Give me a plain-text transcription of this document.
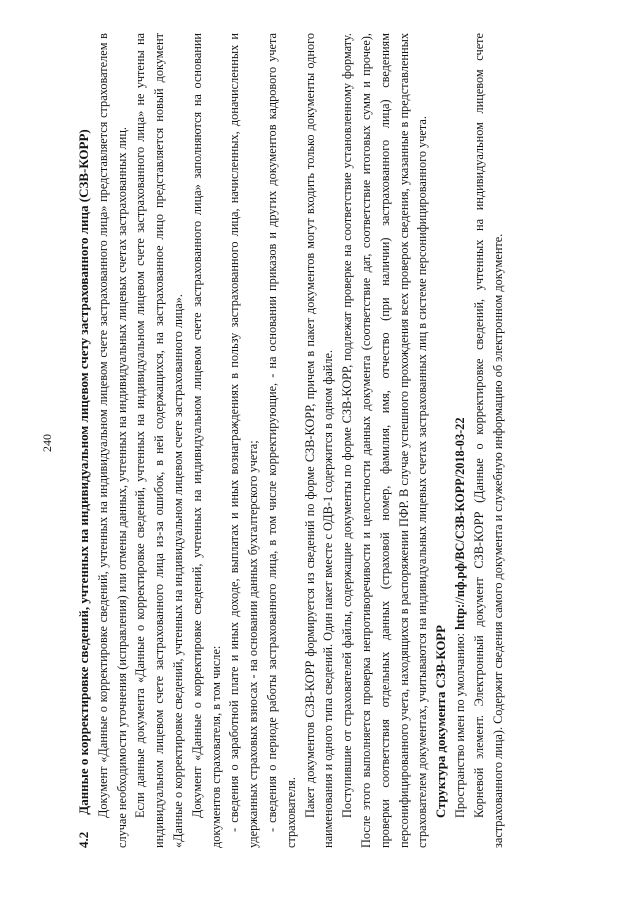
240

4.2 Данные о корректировке сведений, учтенных на индивидуальном лицевом счету застрахованного лица (СЗВ-КОРР) Документ «Данные о корректировке сведений, учтенных на индивидуальном лицевом счете застрахованного лица» представляется страхователем в случае необходимости уточнения (исправления) или отмены данных, учтенных на индивидуальных лицевых счетах застрахованных лиц. Если данные документа «Данные о корректировке сведений, учтенных на индивидуальном лицевом счете застрахованного лица» не учтены на индивидуальном лицевом счете застрахованного лица из-за ошибок, в ней содержащихся, на застрахованное лицо представляется новый документ «Данные о корректировке сведений, учтенных на индивидуальном лицевом счете застрахованного лица». Документ «Данные о корректировке сведений, учтенных на индивидуальном лицевом счете застрахованного лица» заполняются на основании документов страхователя, в том числе: - сведения о заработной плате и иных доходе, выплатах и иных вознаграждениях в пользу застрахованного лица, начисленных, доначисленных и удержанных страховых взносах - на основании данных бухгалтерского учета; - сведения о периоде работы застрахованного лица, в том числе корректирующие, - на основании приказов и других документов кадрового учета страхователя. Пакет документов СЗВ-КОРР формируется из сведений по форме СЗВ-КОРР, причем в пакет документов могут входить только документы одного наименования и одного типа сведений. Один пакет вместе с ОДВ-1 содержится в одном файле. Поступившие от страхователей файлы, содержащие документы по форме СЗВ-КОРР, подлежат проверке на соответствие установленному формату. После этого выполняется проверка непротиворечивости и целостности данных документа (соответствие дат, соответствие итоговых сумм и прочее), проверки соответствия отдельных данных (страховой номер, фамилия, имя, отчество (при наличии) застрахованного лица) сведениям персонифицированного учета, находящихся в распоряжении ПФР. В случае успешного прохождения всех проверок сведения, указанные в представленных страхователем документах, учитываются на индивидуальных лицевых счетах застрахованных лиц в системе персонифицированного учета. Структура документа СЗВ-КОРР Пространство имен по умолчанию: http://пф.рф/ВС/СЗВ-КОРР/2018-03-22 Корневой элемент. Электронный документ СЗВ-КОРР (Данные о корректировке сведений, учтенных на индивидуальном лицевом счете застрахованного лица). Содержит сведения самого документа и служебную информацию об электронном документе.
